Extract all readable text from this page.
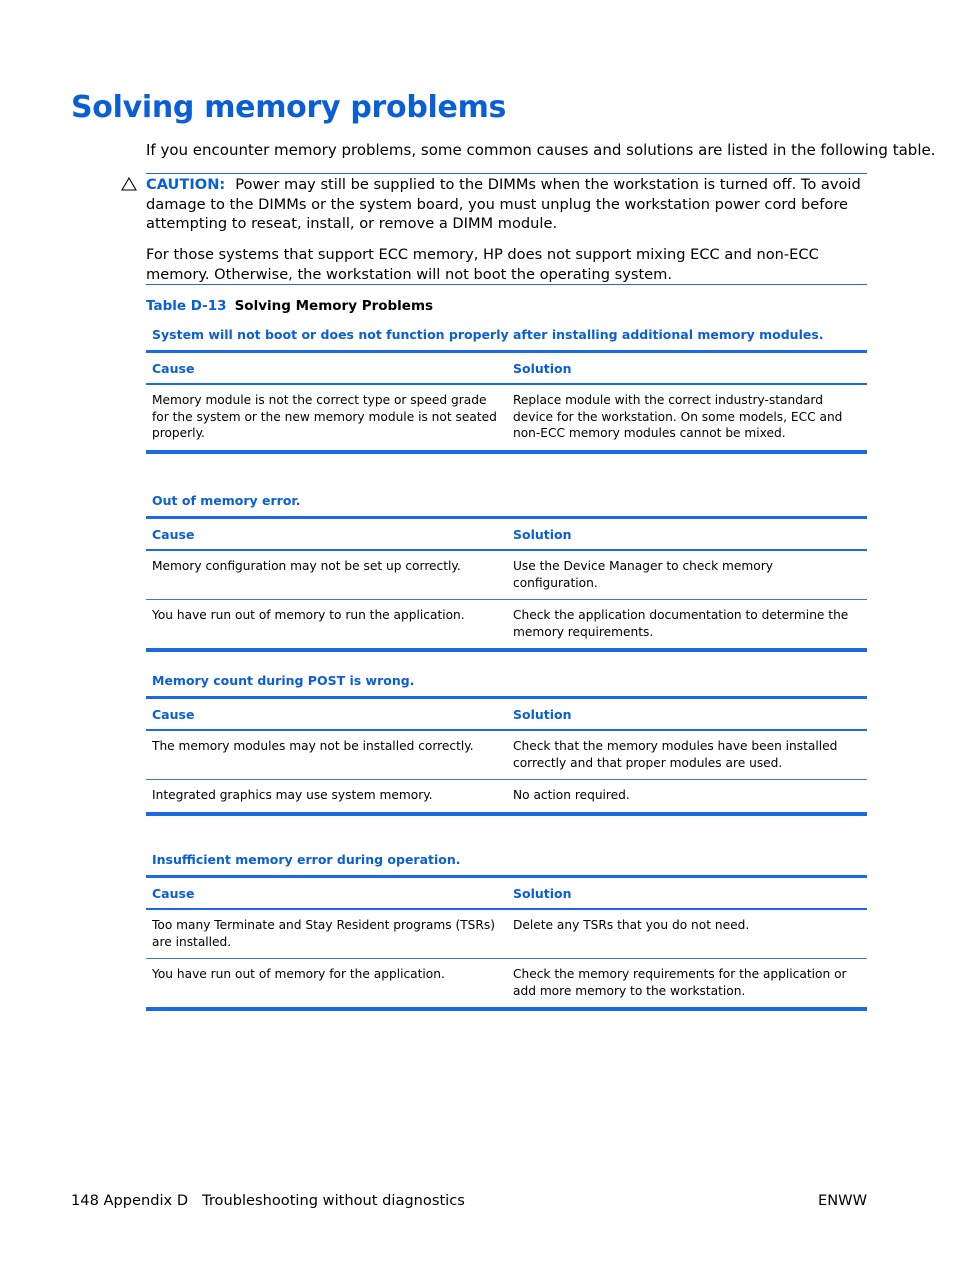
Solving memory problems

If you encounter memory problems, some common causes and solutions are listed in the following table.

CAUTION: Power may still be supplied to the DIMMs when the workstation is turned off. To avoid damage to the DIMMs or the system board, you must unplug the workstation power cord before attempting to reseat, install, or remove a DIMM module.

For those systems that support ECC memory, HP does not support mixing ECC and non-ECC memory. Otherwise, the workstation will not boot the operating system.

Table D-13 Solving Memory Problems

System will not boot or does not function properly after installing additional memory modules.
Cause	Solution
Memory module is not the correct type or speed grade for the system or the new memory module is not seated properly.	Replace module with the correct industry-standard device for the workstation. On some models, ECC and non-ECC memory modules cannot be mixed.
Out of memory error.
Cause	Solution
Memory configuration may not be set up correctly.	Use the Device Manager to check memory configuration.
You have run out of memory to run the application.	Check the application documentation to determine the memory requirements.
Memory count during POST is wrong.
Cause	Solution
The memory modules may not be installed correctly.	Check that the memory modules have been installed correctly and that proper modules are used.
Integrated graphics may use system memory.	No action required.
Insufficient memory error during operation.
Cause	Solution
Too many Terminate and Stay Resident programs (TSRs) are installed.	Delete any TSRs that you do not need.
You have run out of memory for the application.	Check the memory requirements for the application or add more memory to the workstation.
148 Appendix D Troubleshooting without diagnostics	ENWW
